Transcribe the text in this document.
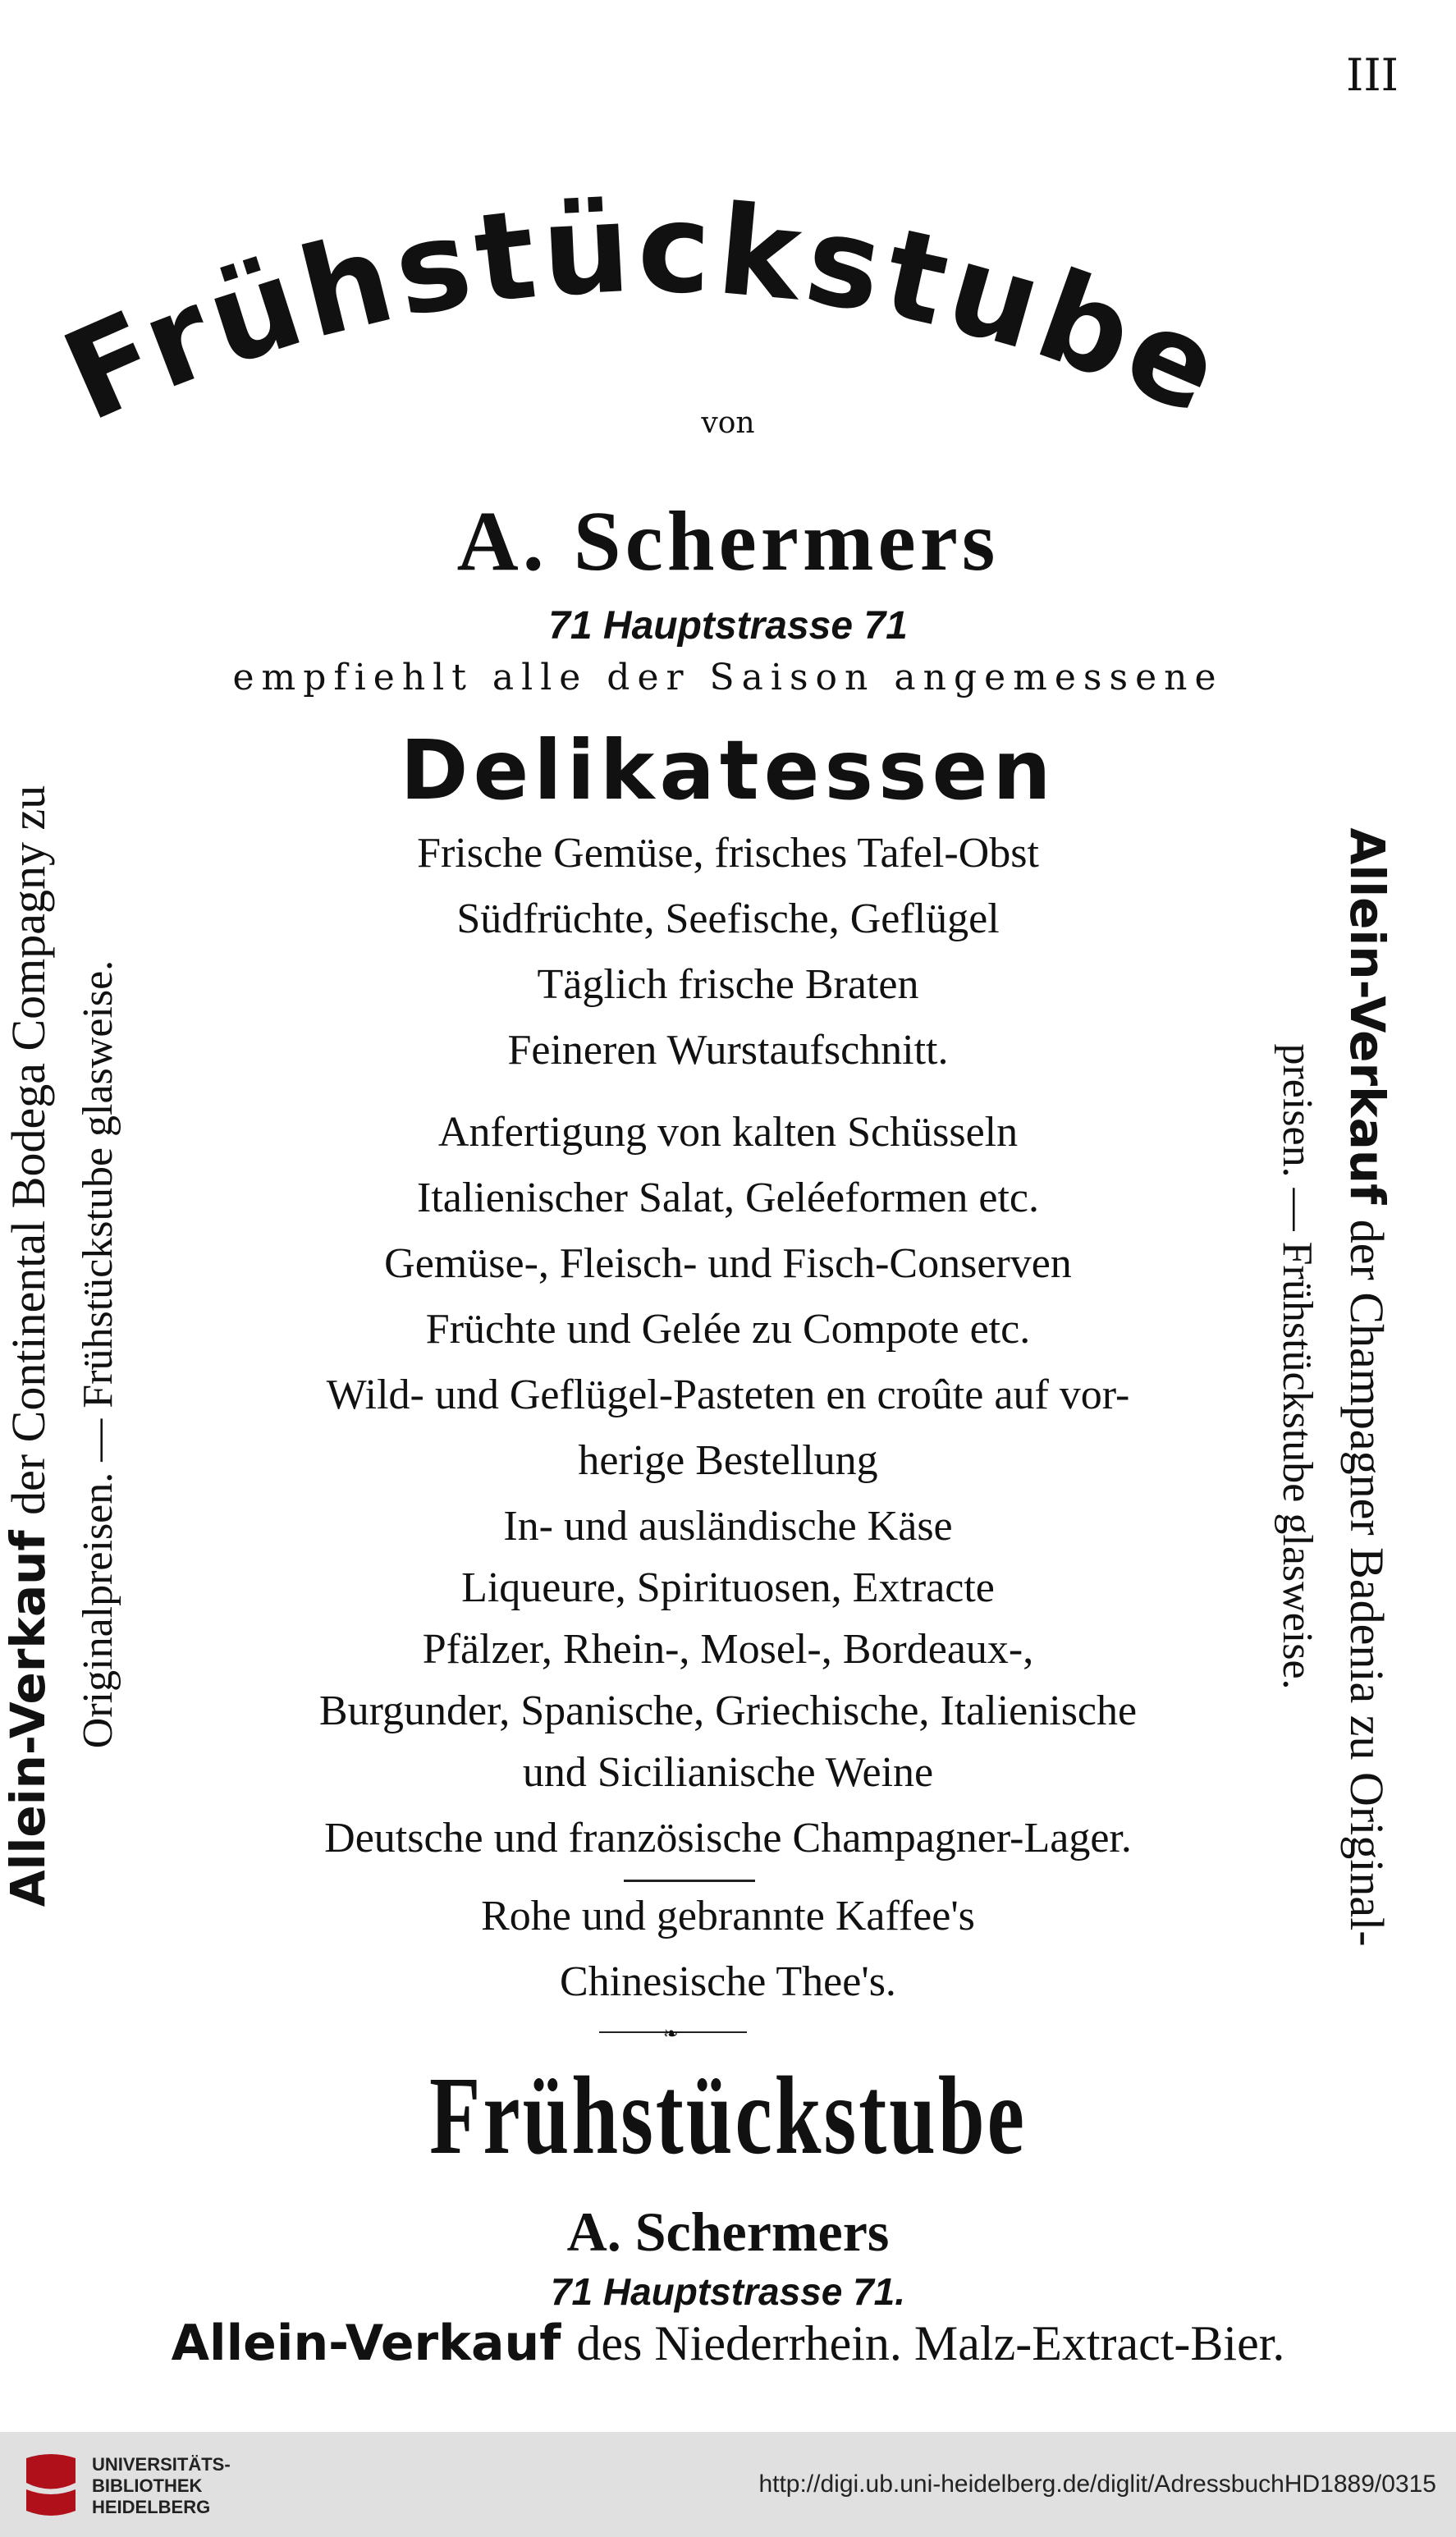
III
Frühstückstube
von
A. Schermers
71 Hauptstrasse 71
empfiehlt alle der Saison angemessene
Delikatessen
Frische Gemüse, frisches Tafel-Obst
Südfrüchte, Seefische, Geflügel
Täglich frische Braten
Feineren Wurstaufschnitt.
Anfertigung von kalten Schüsseln
Italienischer Salat, Geléeformen etc.
Gemüse-, Fleisch- und Fisch-Conserven
Früchte und Gelée zu Compote etc.
Wild- und Geflügel-Pasteten en croûte auf vor-
herige Bestellung
In- und ausländische Käse
Liqueure, Spirituosen, Extracte
Pfälzer, Rhein-, Mosel-, Bordeaux-,
Burgunder, Spanische, Griechische, Italienische
und Sicilianische Weine
Deutsche und französische Champagner-Lager.
Rohe und gebrannte Kaffee's
Chinesische Thee's.
❧
Frühstückstube
A. Schermers
71 Hauptstrasse 71.
Allein-Verkauf des Niederrhein. Malz-Extract-Bier.
Allein-Verkauf der Continental Bodega Compagny zu Originalpreisen. — Frühstückstube glasweise.	Allein-Verkauf der Champagner Badenia zu Original-
preisen. — Frühstückstube glasweise.
UNIVERSITÄTS-
BIBLIOTHEK
HEIDELBERG
http://digi.ub.uni-heidelberg.de/diglit/AdressbuchHD1889/0315
